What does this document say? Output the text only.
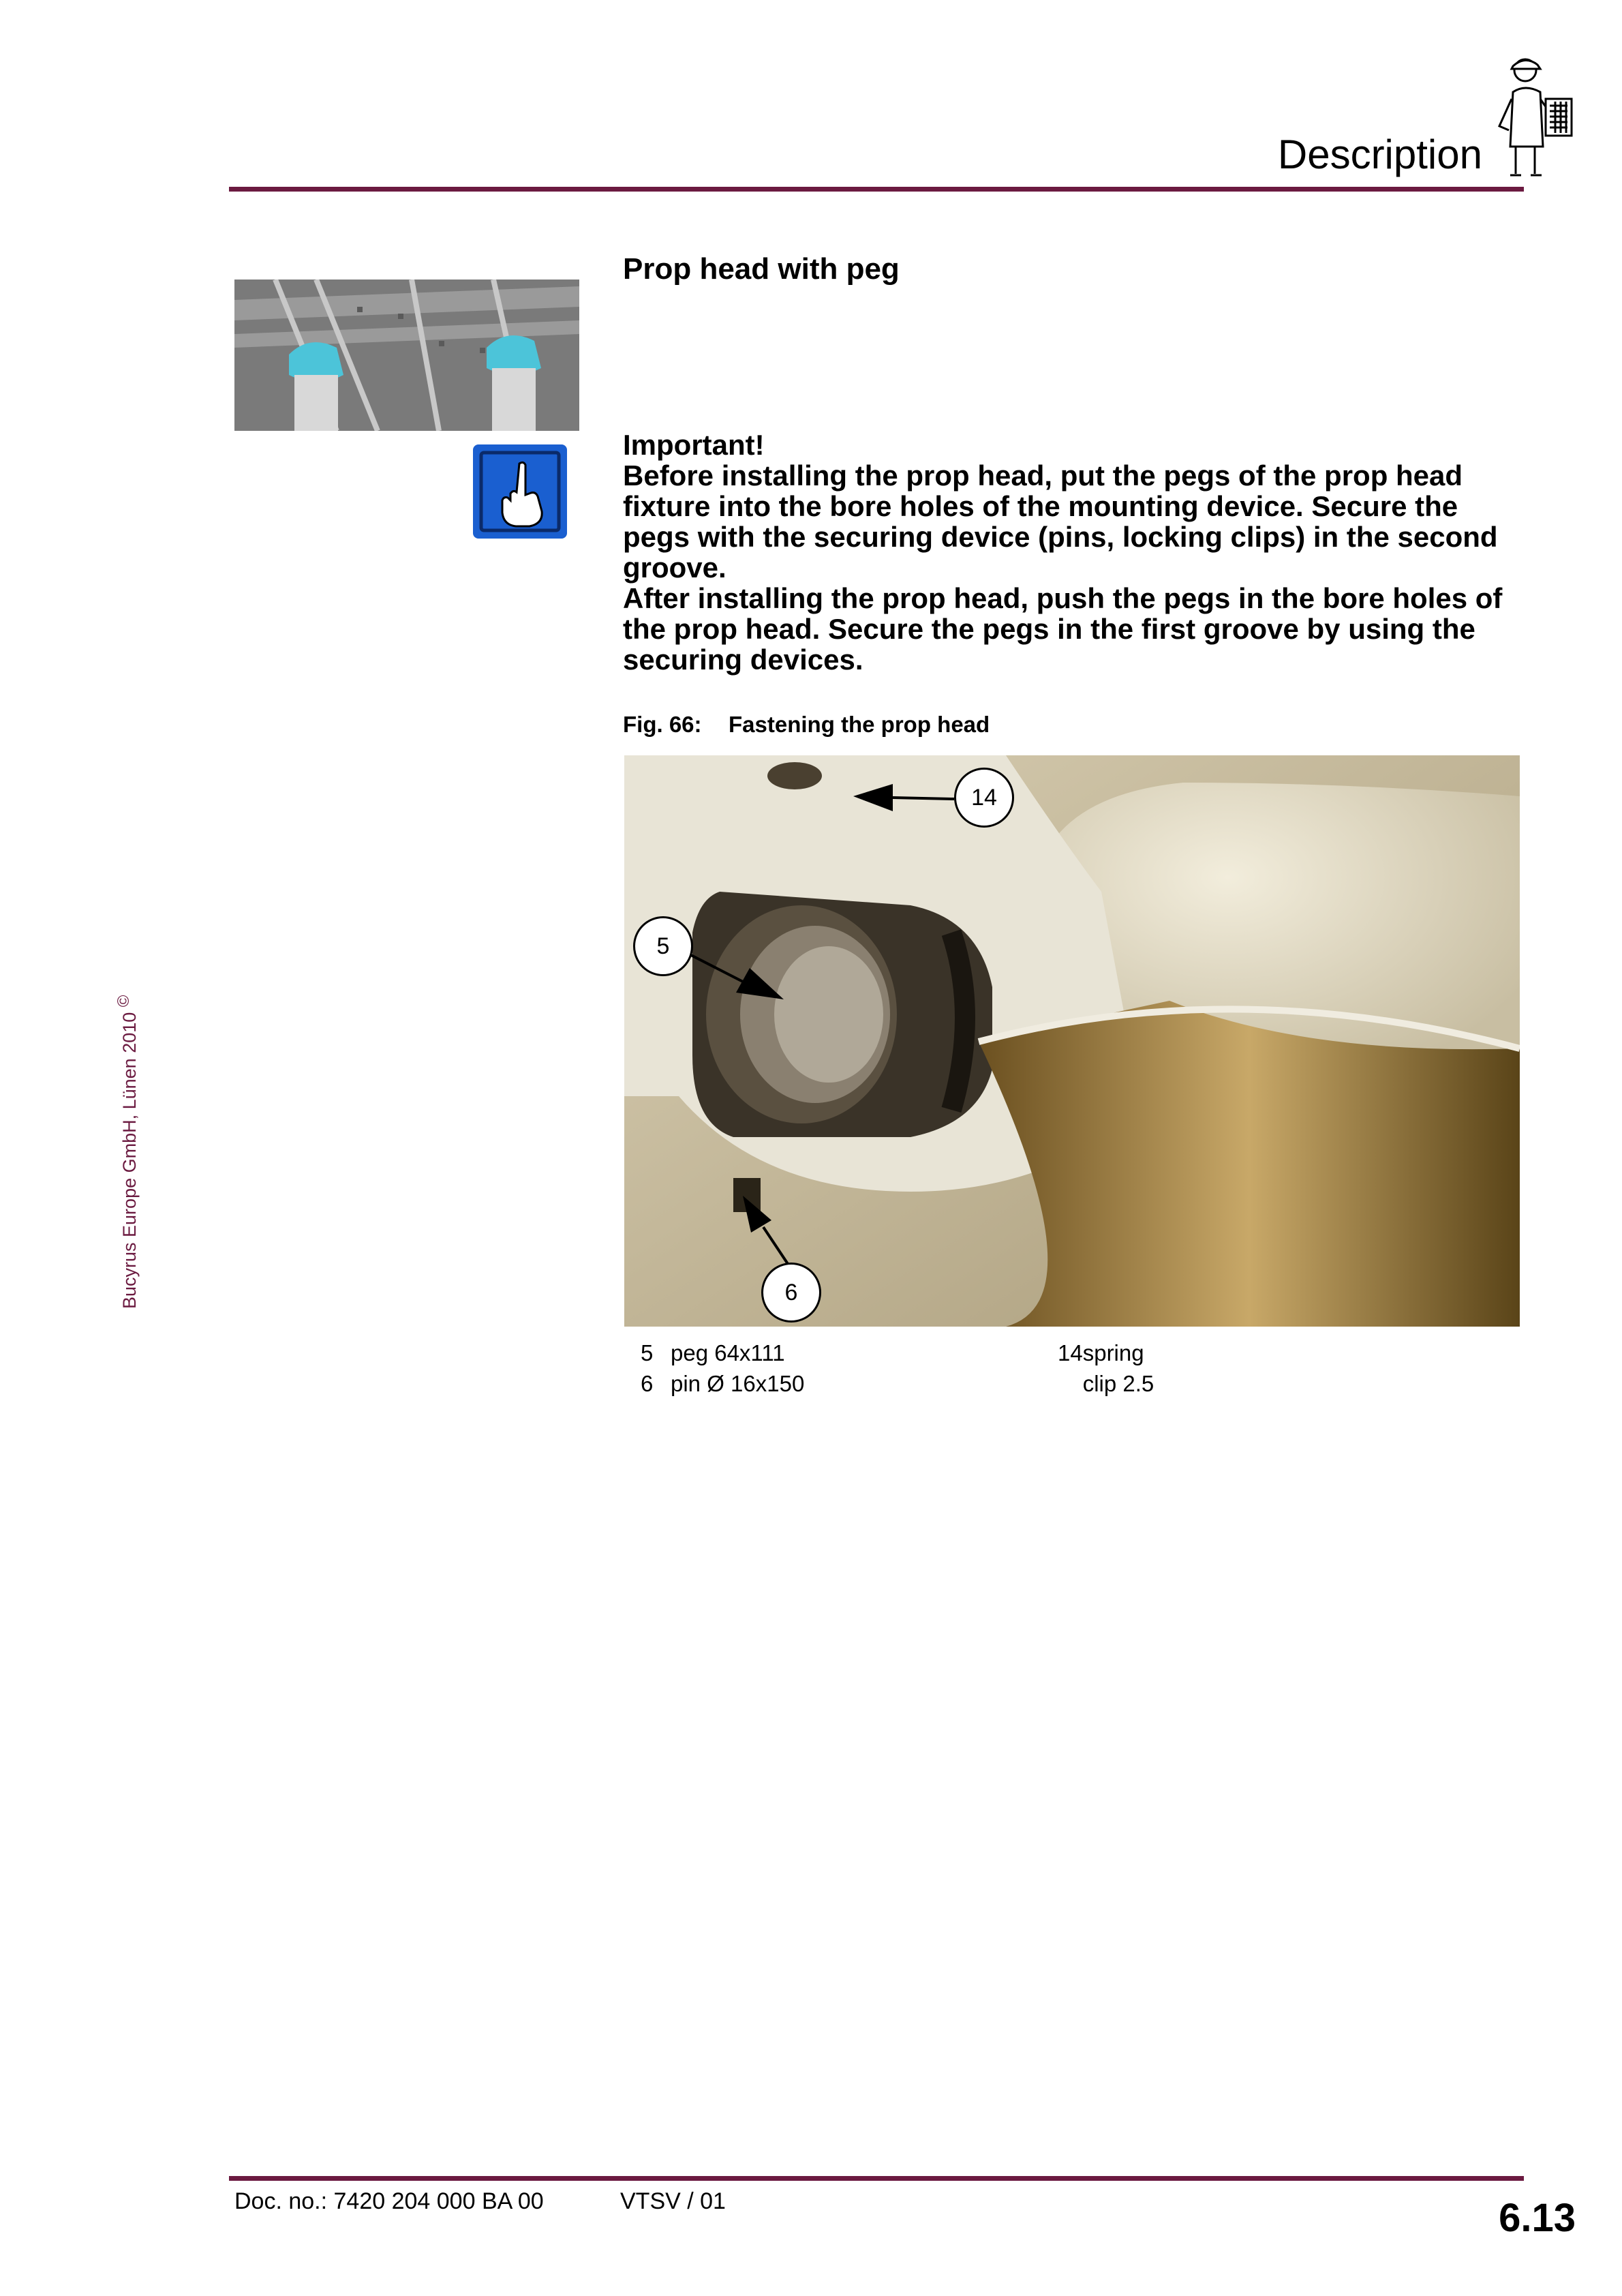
Description
Prop head with peg

Important!

Before installing the prop head, put the pegs of the prop head fixture into the bore holes of the mounting device. Secure the pegs with the securing device (pins, locking clips) in the second groove.

After installing the prop head, push the pegs in the bore holes of the prop head. Secure the pegs in the first groove by using the securing devices.

Fig. 66: Fastening the prop head
14
5
6
5 peg 64x111
6 pin Ø 16x150
14 spring clip 2.5
Bucyrus Europe GmbH, Lünen 2010 ©
Doc. no.: 7420 204 000 BA 00	VTSV / 01	6.13
